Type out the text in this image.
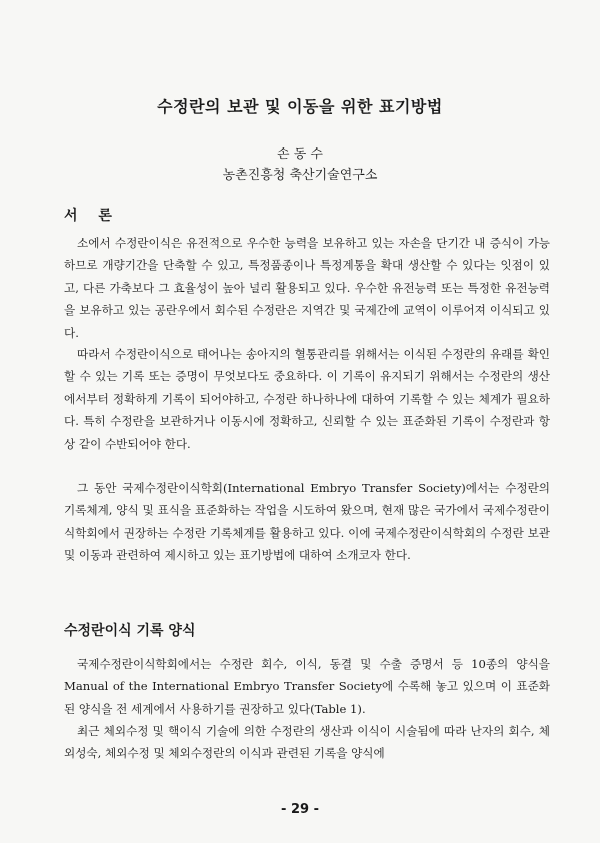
수정란의 보관 및 이동을 위한 표기방법
손 동 수
농촌진흥청 축산기술연구소
서 론
소에서 수정란이식은 유전적으로 우수한 능력을 보유하고 있는 자손을 단기간 내 증식이 가능하므로 개량기간을 단축할 수 있고, 특정품종이나 특정계통을 확대 생산할 수 있다는 잇점이 있고, 다른 가축보다 그 효율성이 높아 널리 활용되고 있다. 우수한 유전능력 또는 특정한 유전능력을 보유하고 있는 공란우에서 회수된 수정란은 지역간 및 국제간에 교역이 이루어져 이식되고 있다.
따라서 수정란이식으로 태어나는 송아지의 혈통관리를 위해서는 이식된 수정란의 유래를 확인할 수 있는 기록 또는 증명이 무엇보다도 중요하다. 이 기록이 유지되기 위해서는 수정란의 생산에서부터 정확하게 기록이 되어야하고, 수정란 하나하나에 대하여 기록할 수 있는 체계가 필요하다. 특히 수정란을 보관하거나 이동시에 정확하고, 신뢰할 수 있는 표준화된 기록이 수정란과 항상 같이 수반되어야 한다.
그 동안 국제수정란이식학회(International Embryo Transfer Society)에서는 수정란의 기록체계, 양식 및 표식을 표준화하는 작업을 시도하여 왔으며, 현재 많은 국가에서 국제수정란이식학회에서 권장하는 수정란 기록체계를 활용하고 있다. 이에 국제수정란이식학회의 수정란 보관 및 이동과 관련하여 제시하고 있는 표기방법에 대하여 소개코자 한다.
수정란이식 기록 양식
국제수정란이식학회에서는 수정란 회수, 이식, 동결 및 수출 증명서 등 10종의 양식을 Manual of the International Embryo Transfer Society에 수록해 놓고 있으며 이 표준화된 양식을 전 세계에서 사용하기를 권장하고 있다(Table 1).
최근 체외수정 및 핵이식 기술에 의한 수정란의 생산과 이식이 시술됨에 따라 난자의 회수, 체외성숙, 체외수정 및 체외수정란의 이식과 관련된 기록을 양식에
- 29 -
